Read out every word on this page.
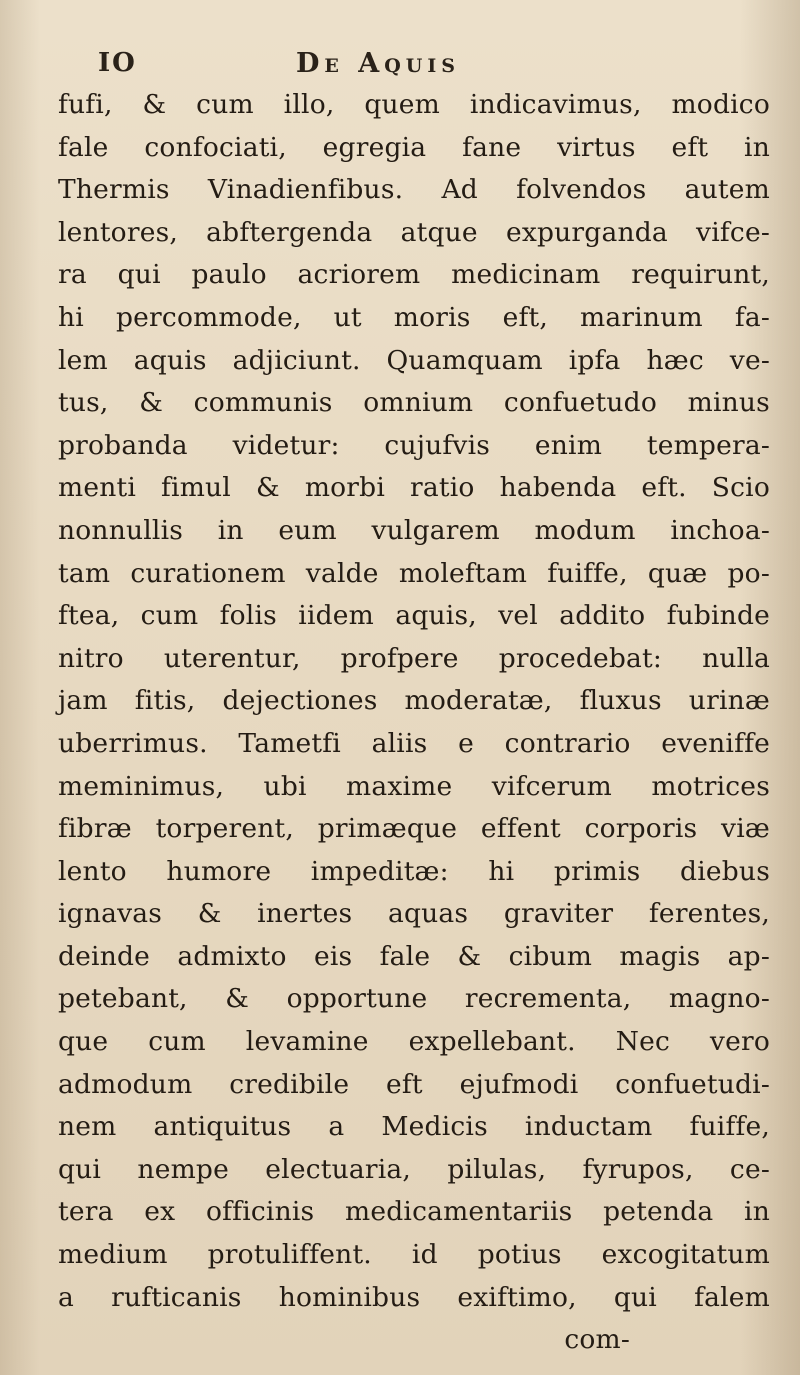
IO	De Aquis
fufi, & cum illo, quem indicavimus, modico
fale confociati, egregia fane virtus eft in
Thermis Vinadienfibus. Ad folvendos autem
lentores, abftergenda atque expurganda vifce-
ra qui paulo acriorem medicinam requirunt,
hi percommode, ut moris eft, marinum fa-
lem aquis adjiciunt. Quamquam ipfa hæc ve-
tus, & communis omnium confuetudo minus
probanda videtur: cujufvis enim tempera-
menti fimul & morbi ratio habenda eft. Scio
nonnullis in eum vulgarem modum inchoa-
tam curationem valde moleftam fuiffe, quæ po-
ftea, cum folis iidem aquis, vel addito fubinde
nitro uterentur, profpere procedebat: nulla
jam fitis, dejectiones moderatæ, fluxus urinæ
uberrimus. Tametfi aliis e contrario eveniffe
meminimus, ubi maxime vifcerum motrices
fibræ torperent, primæque effent corporis viæ
lento humore impeditæ: hi primis diebus
ignavas & inertes aquas graviter ferentes,
deinde admixto eis fale & cibum magis ap-
petebant, & opportune recrementa, magno-
que cum levamine expellebant. Nec vero
admodum credibile eft ejufmodi confuetudi-
nem antiquitus a Medicis inductam fuiffe,
qui nempe electuaria, pilulas, fyrupos, ce-
tera ex officinis medicamentariis petenda in
medium protuliffent. id potius excogitatum
a rufticanis hominibus exiftimo, qui falem
com-
